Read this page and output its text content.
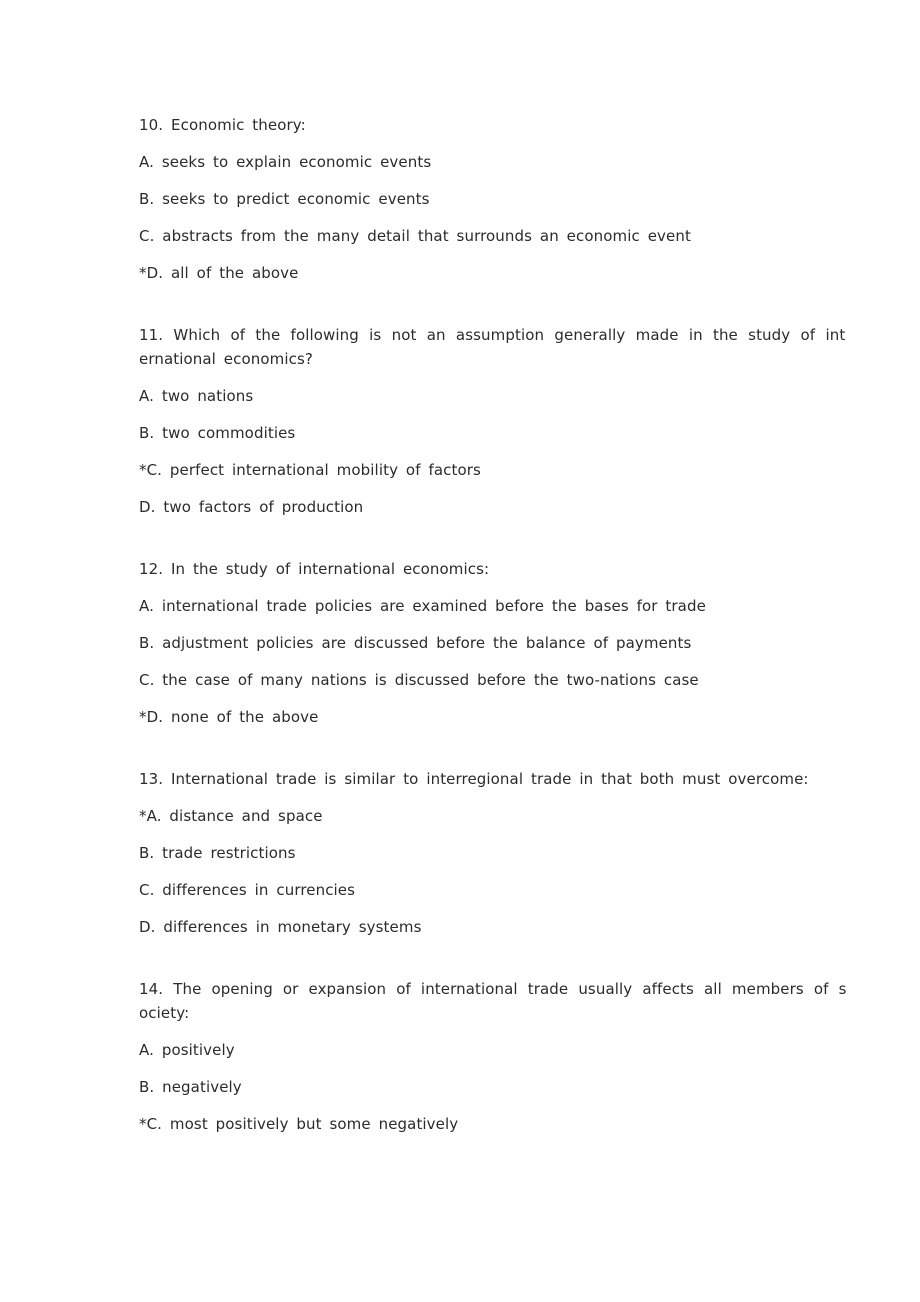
10. Economic theory:
A. seeks to explain economic events
B. seeks to predict economic events
C. abstracts from the many detail that surrounds an economic event
*D. all of the above
11. Which of the following is not an assumption generally made in the study of int
ernational economics?
A. two nations
B. two commodities
*C. perfect international mobility of factors
D. two factors of production
12. In the study of international economics:
A. international trade policies are examined before the bases for trade
B. adjustment policies are discussed before the balance of payments
C. the case of many nations is discussed before the two-nations case
*D. none of the above
13. International trade is similar to interregional trade in that both must overcome:
*A. distance and space
B. trade restrictions
C. differences in currencies
D. differences in monetary systems
14. The opening or expansion of international trade usually affects all members of s
ociety:
A. positively
B. negatively
*C. most positively but some negatively
